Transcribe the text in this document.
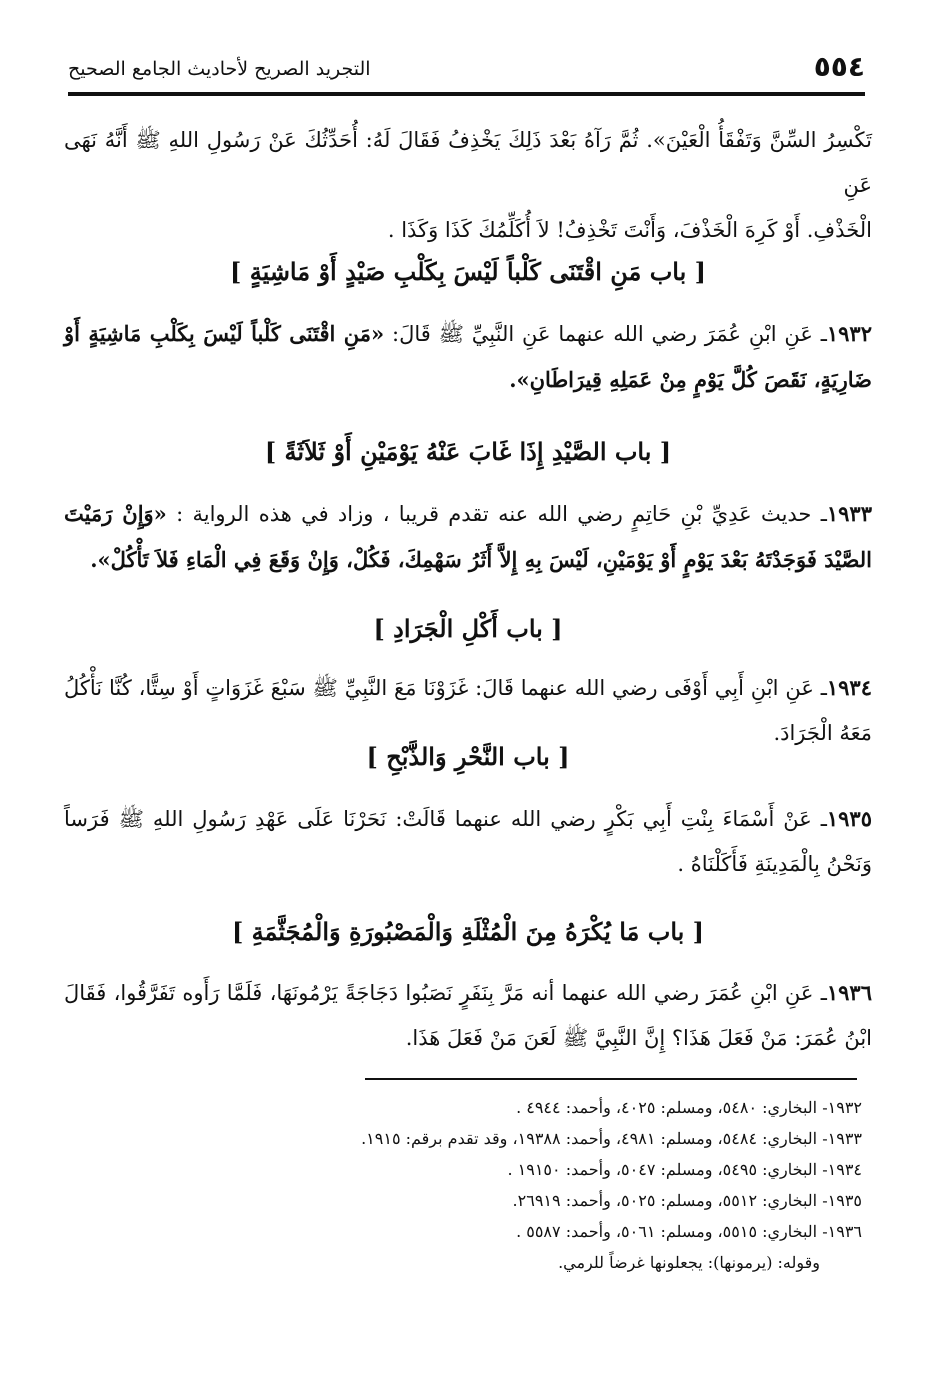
٥٥٤
التجريد الصريح لأحاديث الجامع الصحيح
تَكْسِرُ السِّنَّ وَتَفْقَأُ الْعَيْنَ». ثُمَّ رَآهُ بَعْدَ ذَلِكَ يَخْذِفُ فَقَالَ لَهُ: أُحَدِّثُكَ عَنْ رَسُولِ اللهِ ﷺ أَنَّهُ نَهَى عَنِ
الْخَذْفِ. أَوْ كَرِهَ الْخَذْفَ، وَأَنْتَ تَخْذِفُ! لاَ أُكَلِّمُكَ كَذَا وَكَذَا .
[ باب مَنِ اقْتَنَى كَلْباً لَيْسَ بِكَلْبِ صَيْدٍ أَوْ مَاشِيَةٍ ]
١٩٣٢ـ عَنِ ابْنِ عُمَرَ رضي الله عنهما عَنِ النَّبِيِّ ﷺ قَالَ: «مَنِ اقْتَنَى كَلْباً لَيْسَ بِكَلْبِ مَاشِيَةٍ أَوْ ضَارِيَةٍ، نَقَصَ كُلَّ يَوْمٍ مِنْ عَمَلِهِ قِيرَاطَانِ».
[ باب الصَّيْدِ إِذَا غَابَ عَنْهُ يَوْمَيْنِ أَوْ ثَلاَثَةً ]
١٩٣٣ـ حديث عَدِيِّ بْنِ حَاتِمٍ رضي الله عنه تقدم قريبا ، وزاد في هذه الرواية : «وَإِنْ رَمَيْتَ الصَّيْدَ فَوَجَدْتَهُ بَعْدَ يَوْمٍ أَوْ يَوْمَيْنِ، لَيْسَ بِهِ إِلاَّ أَثَرُ سَهْمِكَ، فَكُلْ، وَإِنْ وَقَعَ فِي الْمَاءِ فَلاَ تَأْكُلْ».
[ باب أَكْلِ الْجَرَادِ ]
١٩٣٤ـ عَنِ ابْنِ أَبِي أَوْفَى رضي الله عنهما قَالَ: غَزَوْنَا مَعَ النَّبِيِّ ﷺ سَبْعَ غَزَوَاتٍ أَوْ سِتًّا، كُنَّا نَأْكُلُ مَعَهُ الْجَرَادَ.
[ باب النَّحْرِ وَالذَّبْحِ ]
١٩٣٥ـ عَنْ أَسْمَاءَ بِنْتِ أَبِي بَكْرٍ رضي الله عنهما قَالَتْ: نَحَرْنَا عَلَى عَهْدِ رَسُولِ اللهِ ﷺ فَرَساً وَنَحْنُ بِالْمَدِينَةِ فَأَكَلْنَاهُ .
[ باب مَا يُكْرَهُ مِنَ الْمُثْلَةِ وَالْمَصْبُورَةِ وَالْمُجَثَّمَةِ ]
١٩٣٦ـ عَنِ ابْنِ عُمَرَ رضي الله عنهما أنه مَرَّ بِنَفَرٍ نَصَبُوا دَجَاجَةً يَرْمُونَهَا، فَلَمَّا رَأَوه تَفَرَّقُوا، فَقَالَ ابْنُ عُمَرَ: مَنْ فَعَلَ هَذَا؟ إِنَّ النَّبِيَّ ﷺ لَعَنَ مَنْ فَعَلَ هَذَا.
١٩٣٢- البخاري: ٥٤٨٠، ومسلم: ٤٠٢٥، وأحمد: ٤٩٤٤ .
١٩٣٣- البخاري: ٥٤٨٤، ومسلم: ٤٩٨١، وأحمد: ١٩٣٨٨، وقد تقدم برقم: ١٩١٥.
١٩٣٤- البخاري: ٥٤٩٥، ومسلم: ٥٠٤٧، وأحمد: ١٩١٥٠ .
١٩٣٥- البخاري: ٥٥١٢، ومسلم: ٥٠٢٥، وأحمد: ٢٦٩١٩.
١٩٣٦- البخاري: ٥٥١٥، ومسلم: ٥٠٦١، وأحمد: ٥٥٨٧ .
وقوله: (يرمونها): يجعلونها غرضاً للرمي.
